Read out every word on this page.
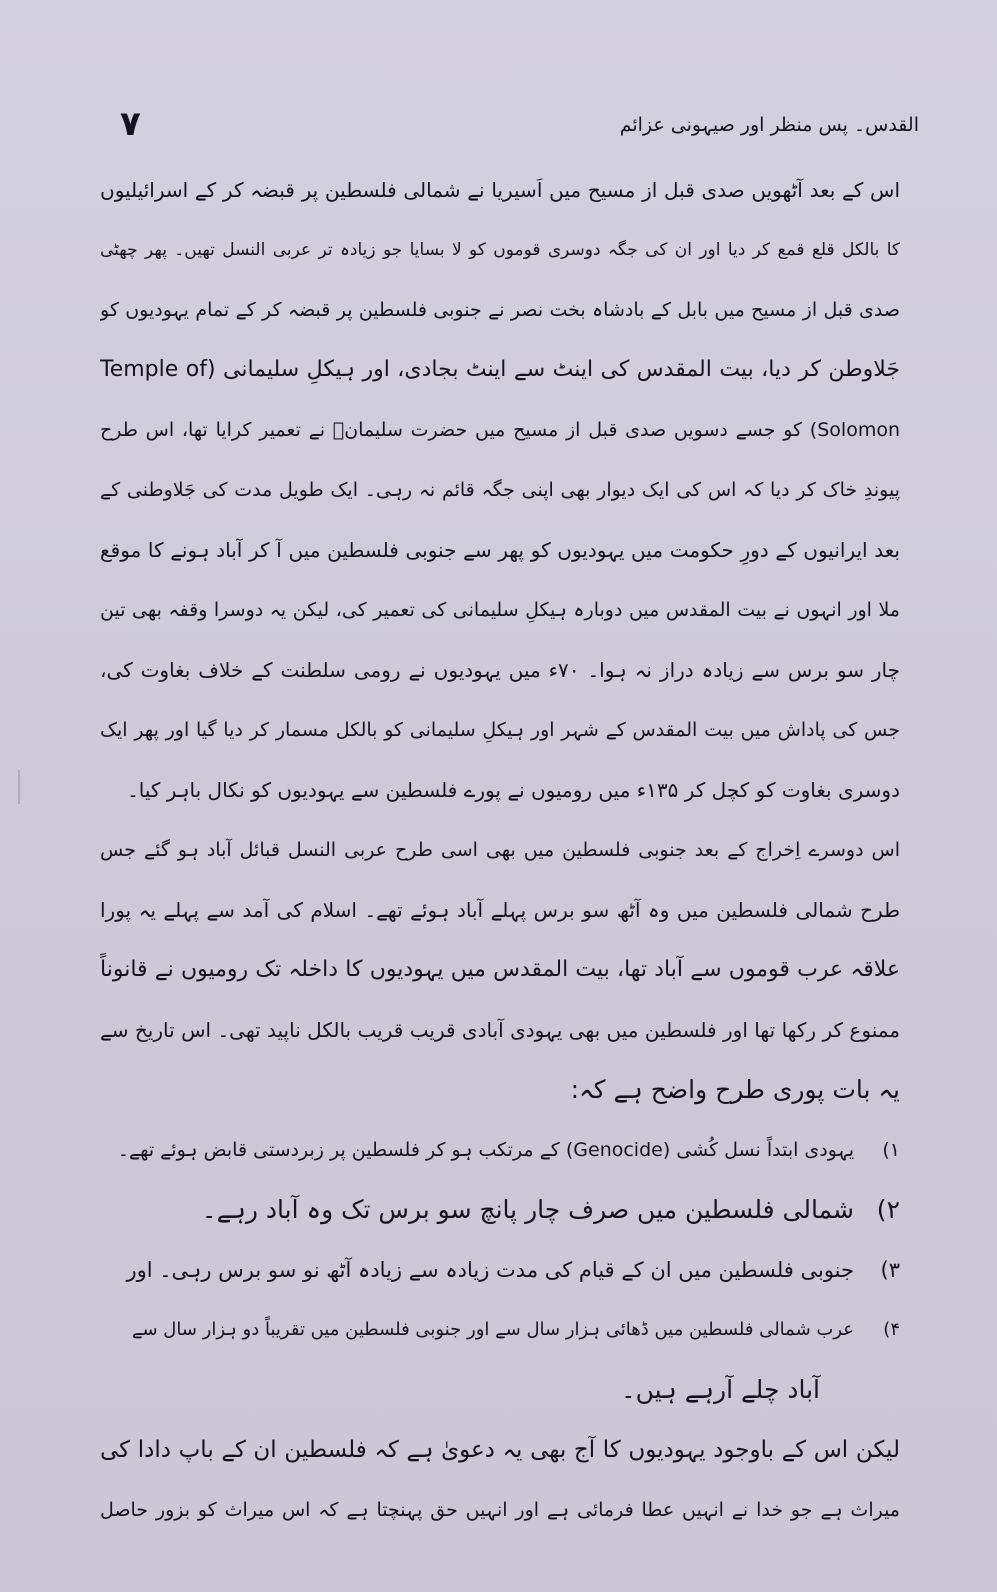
۷	القدس۔ پس منظر اور صیہونی عزائم
اس کے بعد آٹھویں صدی قبل از مسیح میں اَسیریا نے شمالی فلسطین پر قبضہ کر کے اسرائیلیوں
کا بالکل قلع قمع کر دیا اور ان کی جگہ دوسری قوموں کو لا بسایا جو زیادہ تر عربی النسل تھیں۔ پھر چھٹی
صدی قبل از مسیح میں بابل کے بادشاہ بخت نصر نے جنوبی فلسطین پر قبضہ کر کے تمام یہودیوں کو
جَلاوطن کر دیا، بیت المقدس کی اینٹ سے اینٹ بجادی، اور ہیکلِ سلیمانی (Temple of
Solomon) کو جسے دسویں صدی قبل از مسیح میں حضرت سلیمانؑ نے تعمیر کرایا تھا، اس طرح
پیوندِ خاک کر دیا کہ اس کی ایک دیوار بھی اپنی جگہ قائم نہ رہی۔ ایک طویل مدت کی جَلاوطنی کے
بعد ایرانیوں کے دورِ حکومت میں یہودیوں کو پھر سے جنوبی فلسطین میں آ کر آباد ہونے کا موقع
ملا اور انہوں نے بیت المقدس میں دوبارہ ہیکلِ سلیمانی کی تعمیر کی، لیکن یہ دوسرا وقفہ بھی تین
چار سو برس سے زیادہ دراز نہ ہوا۔ ۷۰ء میں یہودیوں نے رومی سلطنت کے خلاف بغاوت کی،
جس کی پاداش میں بیت المقدس کے شہر اور ہیکلِ سلیمانی کو بالکل مسمار کر دیا گیا اور پھر ایک
دوسری بغاوت کو کچل کر ۱۳۵ء میں رومیوں نے پورے فلسطین سے یہودیوں کو نکال باہر کیا۔
اس دوسرے اِخراج کے بعد جنوبی فلسطین میں بھی اسی طرح عربی النسل قبائل آباد ہو گئے جس
طرح شمالی فلسطین میں وہ آٹھ سو برس پہلے آباد ہوئے تھے۔ اسلام کی آمد سے پہلے یہ پورا
علاقہ عرب قوموں سے آباد تھا، بیت المقدس میں یہودیوں کا داخلہ تک رومیوں نے قانوناً
ممنوع کر رکھا تھا اور فلسطین میں بھی یہودی آبادی قریب قریب بالکل ناپید تھی۔ اس تاریخ سے
یہ بات پوری طرح واضح ہے کہ:
۱)
یہودی ابتداً نسل کُشی (Genocide) کے مرتکب ہو کر فلسطین پر زبردستی قابض ہوئے تھے۔
۲)
شمالی فلسطین میں صرف چار پانچ سو برس تک وہ آباد رہے۔
۳)
جنوبی فلسطین میں ان کے قیام کی مدت زیادہ سے زیادہ آٹھ نو سو برس رہی۔ اور
۴)
عرب شمالی فلسطین میں ڈھائی ہزار سال سے اور جنوبی فلسطین میں تقریباً دو ہزار سال سے
آباد چلے آرہے ہیں۔
لیکن اس کے باوجود یہودیوں کا آج بھی یہ دعویٰ ہے کہ فلسطین ان کے باپ دادا کی
میراث ہے جو خدا نے انہیں عطا فرمائی ہے اور انہیں حق پہنچتا ہے کہ اس میراث کو بزور حاصل
